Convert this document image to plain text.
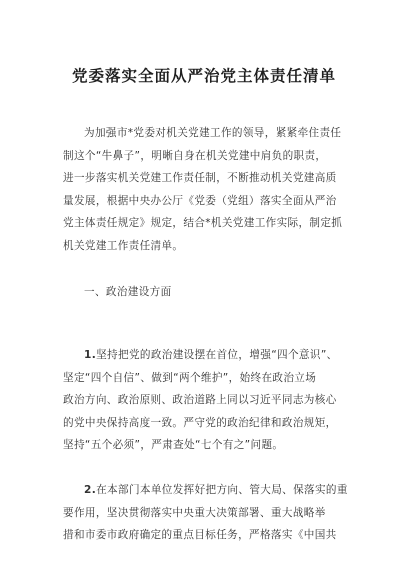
党委落实全面从严治党主体责任清单

为加强市*党委对机关党建工作的领导，紧紧牵住责任
制这个“牛鼻子”，明晰自身在机关党建中肩负的职责，
进一步落实机关党建工作责任制，不断推动机关党建高质
量发展，根据中央办公厅《党委（党组）落实全面从严治
党主体责任规定》规定，结合*机关党建工作实际，制定抓
机关党建工作责任清单。

一、政治建设方面

1.坚持把党的政治建设摆在首位，增强“四个意识”、
坚定“四个自信”、做到“两个维护”，始终在政治立场
政治方向、政治原则、政治道路上同以习近平同志为核心
的党中央保持高度一致。严守党的政治纪律和政治规矩，
坚持“五个必须”，严肃查处“七个有之”问题。

2.在本部门本单位发挥好把方向、管大局、保落实的重
要作用，坚决贯彻落实中央重大决策部署、重大战略举
措和市委市政府确定的重点目标任务，严格落实《中国共
